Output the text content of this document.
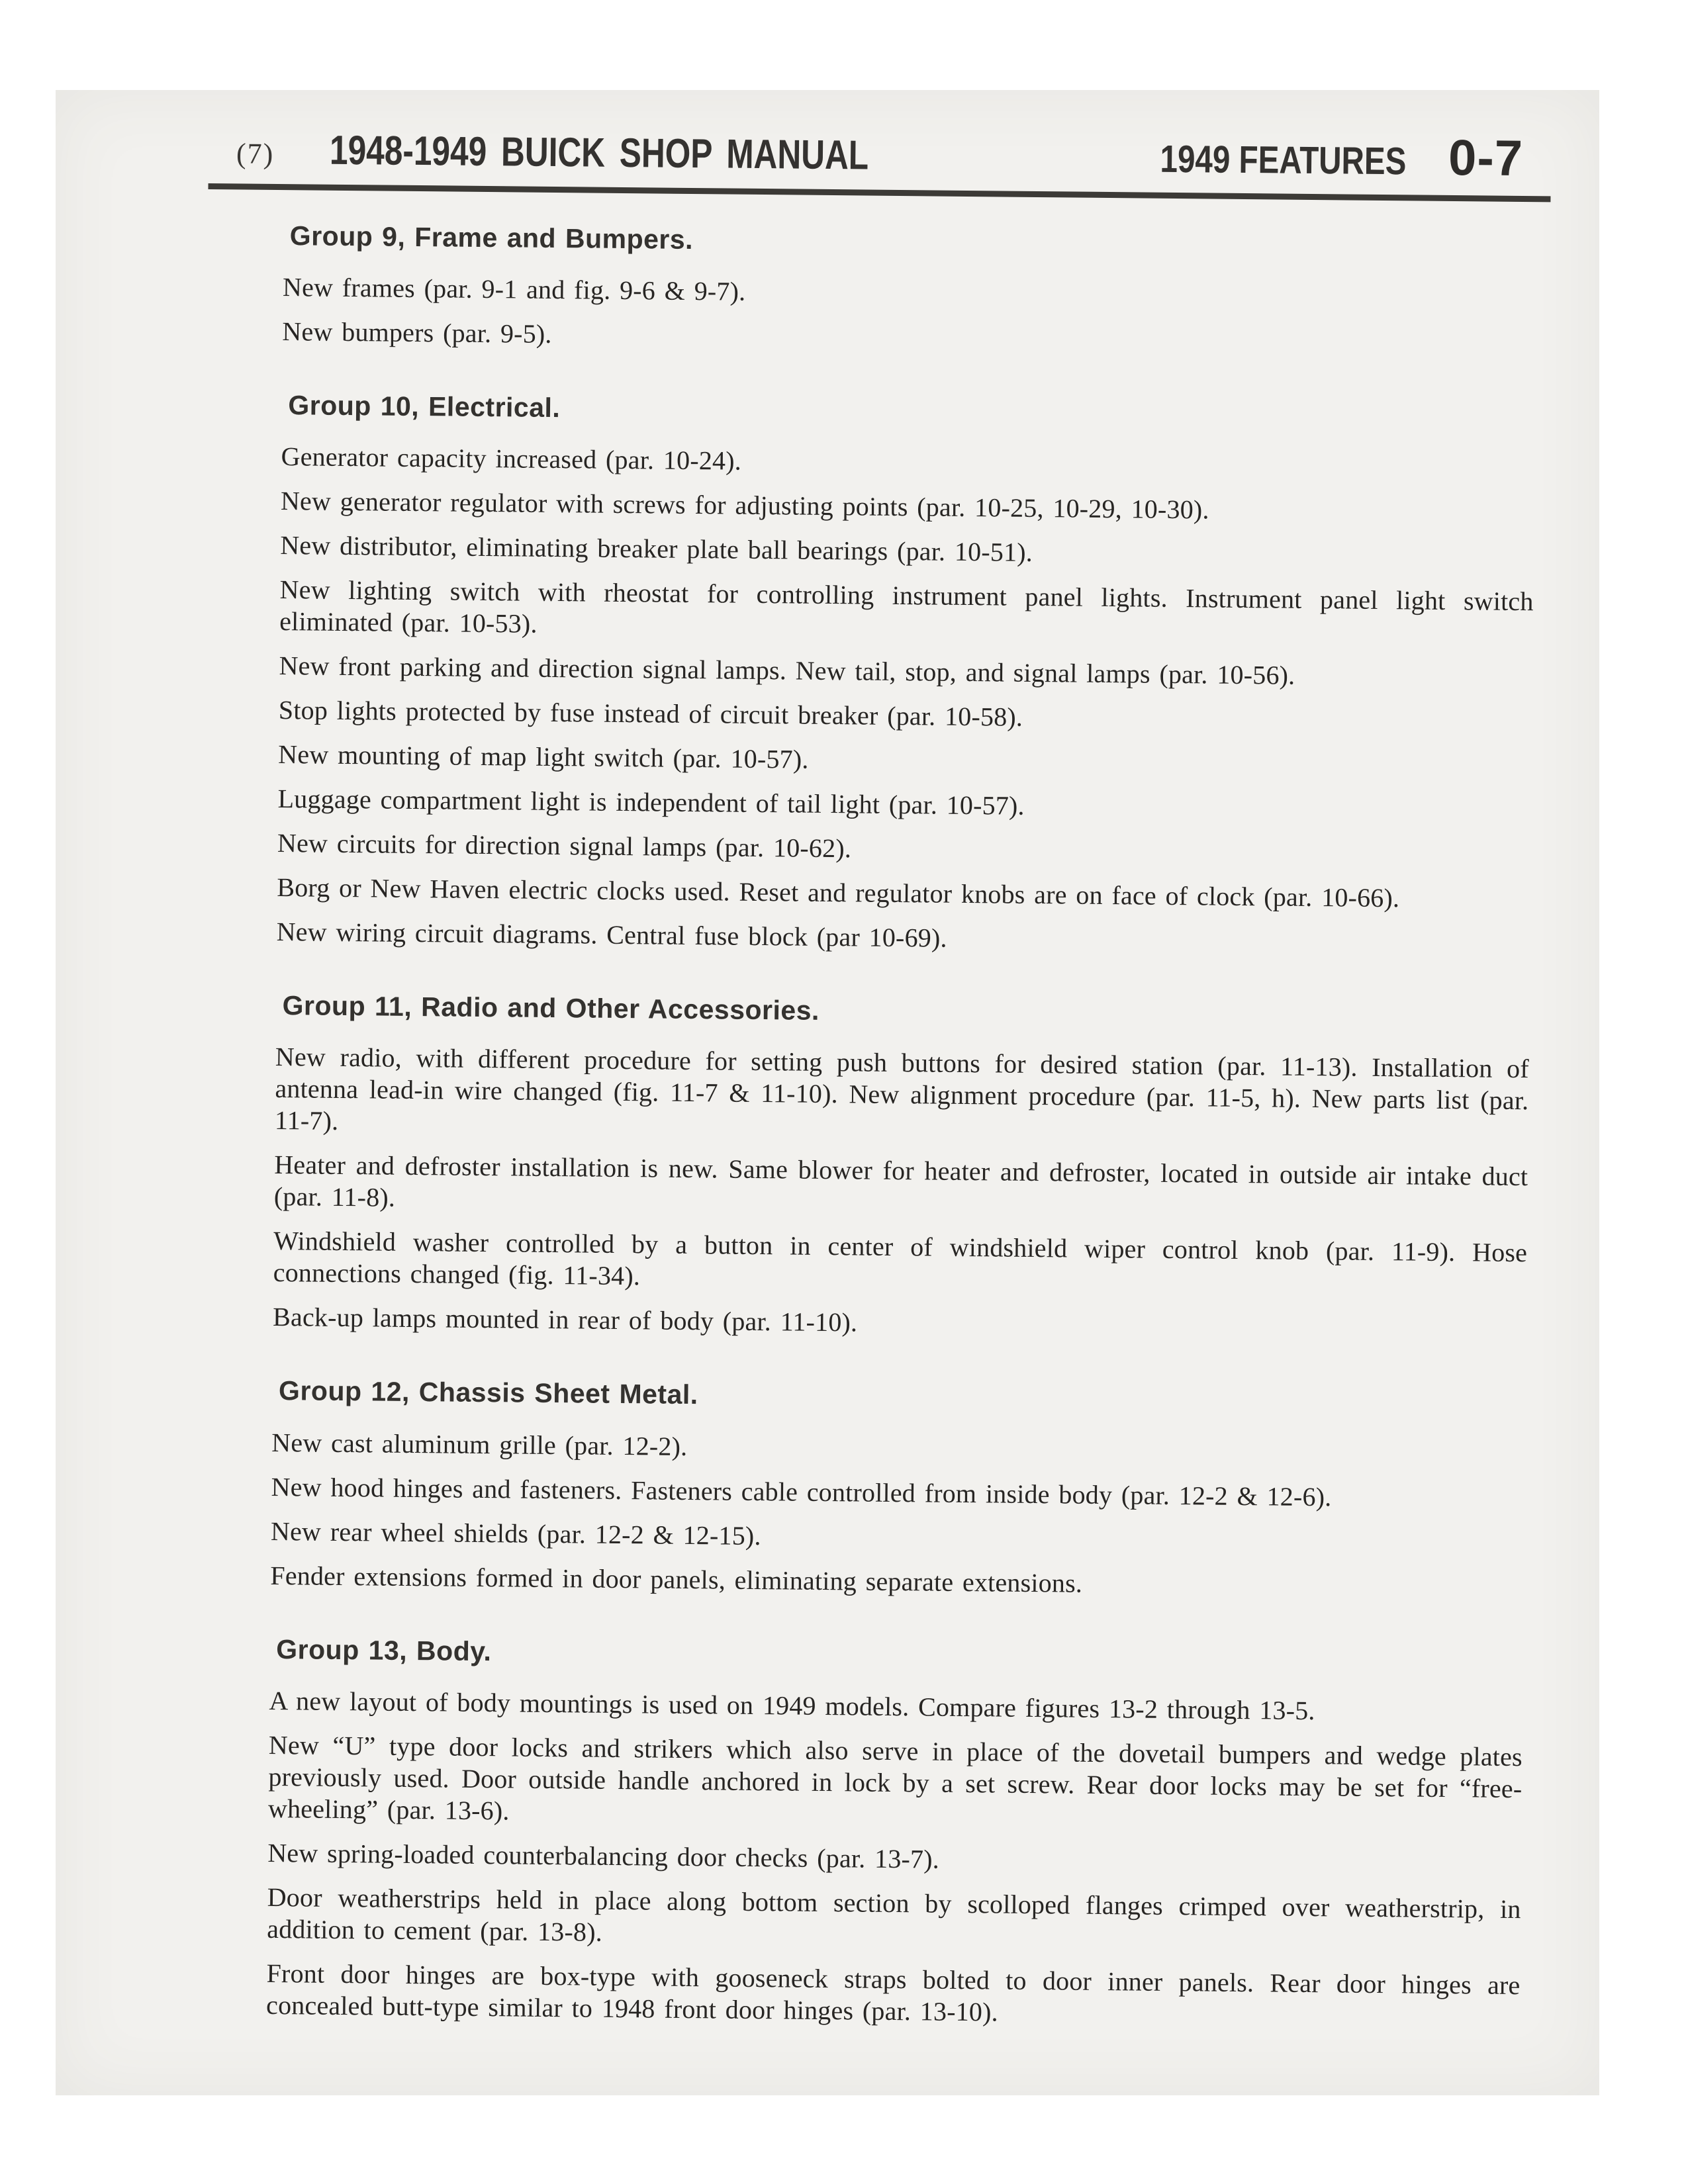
(7) 1948-1949 BUICK SHOP MANUAL	1949 FEATURES 0-7
Group 9, Frame and Bumpers.

New frames (par. 9-1 and fig. 9-6 & 9-7).

New bumpers (par. 9-5).

Group 10, Electrical.

Generator capacity increased (par. 10-24).

New generator regulator with screws for adjusting points (par. 10-25, 10-29, 10-30).

New distributor, eliminating breaker plate ball bearings (par. 10-51).

New lighting switch with rheostat for controlling instrument panel lights. Instrument panel light switch eliminated (par. 10-53).

New front parking and direction signal lamps. New tail, stop, and signal lamps (par. 10-56).

Stop lights protected by fuse instead of circuit breaker (par. 10-58).

New mounting of map light switch (par. 10-57).

Luggage compartment light is independent of tail light (par. 10-57).

New circuits for direction signal lamps (par. 10-62).

Borg or New Haven electric clocks used. Reset and regulator knobs are on face of clock (par. 10-66).

New wiring circuit diagrams. Central fuse block (par 10-69).

Group 11, Radio and Other Accessories.

New radio, with different procedure for setting push buttons for desired station (par. 11-13). Installation of antenna lead-in wire changed (fig. 11-7 & 11-10). New alignment procedure (par. 11-5, h). New parts list (par. 11-7).

Heater and defroster installation is new. Same blower for heater and defroster, located in outside air intake duct (par. 11-8).

Windshield washer controlled by a button in center of windshield wiper control knob (par. 11-9). Hose connections changed (fig. 11-34).

Back-up lamps mounted in rear of body (par. 11-10).

Group 12, Chassis Sheet Metal.

New cast aluminum grille (par. 12-2).

New hood hinges and fasteners. Fasteners cable controlled from inside body (par. 12-2 & 12-6).

New rear wheel shields (par. 12-2 & 12-15).

Fender extensions formed in door panels, eliminating separate extensions.

Group 13, Body.

A new layout of body mountings is used on 1949 models. Compare figures 13-2 through 13-5.

New “U” type door locks and strikers which also serve in place of the dovetail bumpers and wedge plates previously used. Door outside handle anchored in lock by a set screw. Rear door locks may be set for “free-wheeling” (par. 13-6).

New spring-loaded counterbalancing door checks (par. 13-7).

Door weatherstrips held in place along bottom section by scolloped flanges crimped over weatherstrip, in addition to cement (par. 13-8).

Front door hinges are box-type with gooseneck straps bolted to door inner panels. Rear door hinges are concealed butt-type similar to 1948 front door hinges (par. 13-10).
